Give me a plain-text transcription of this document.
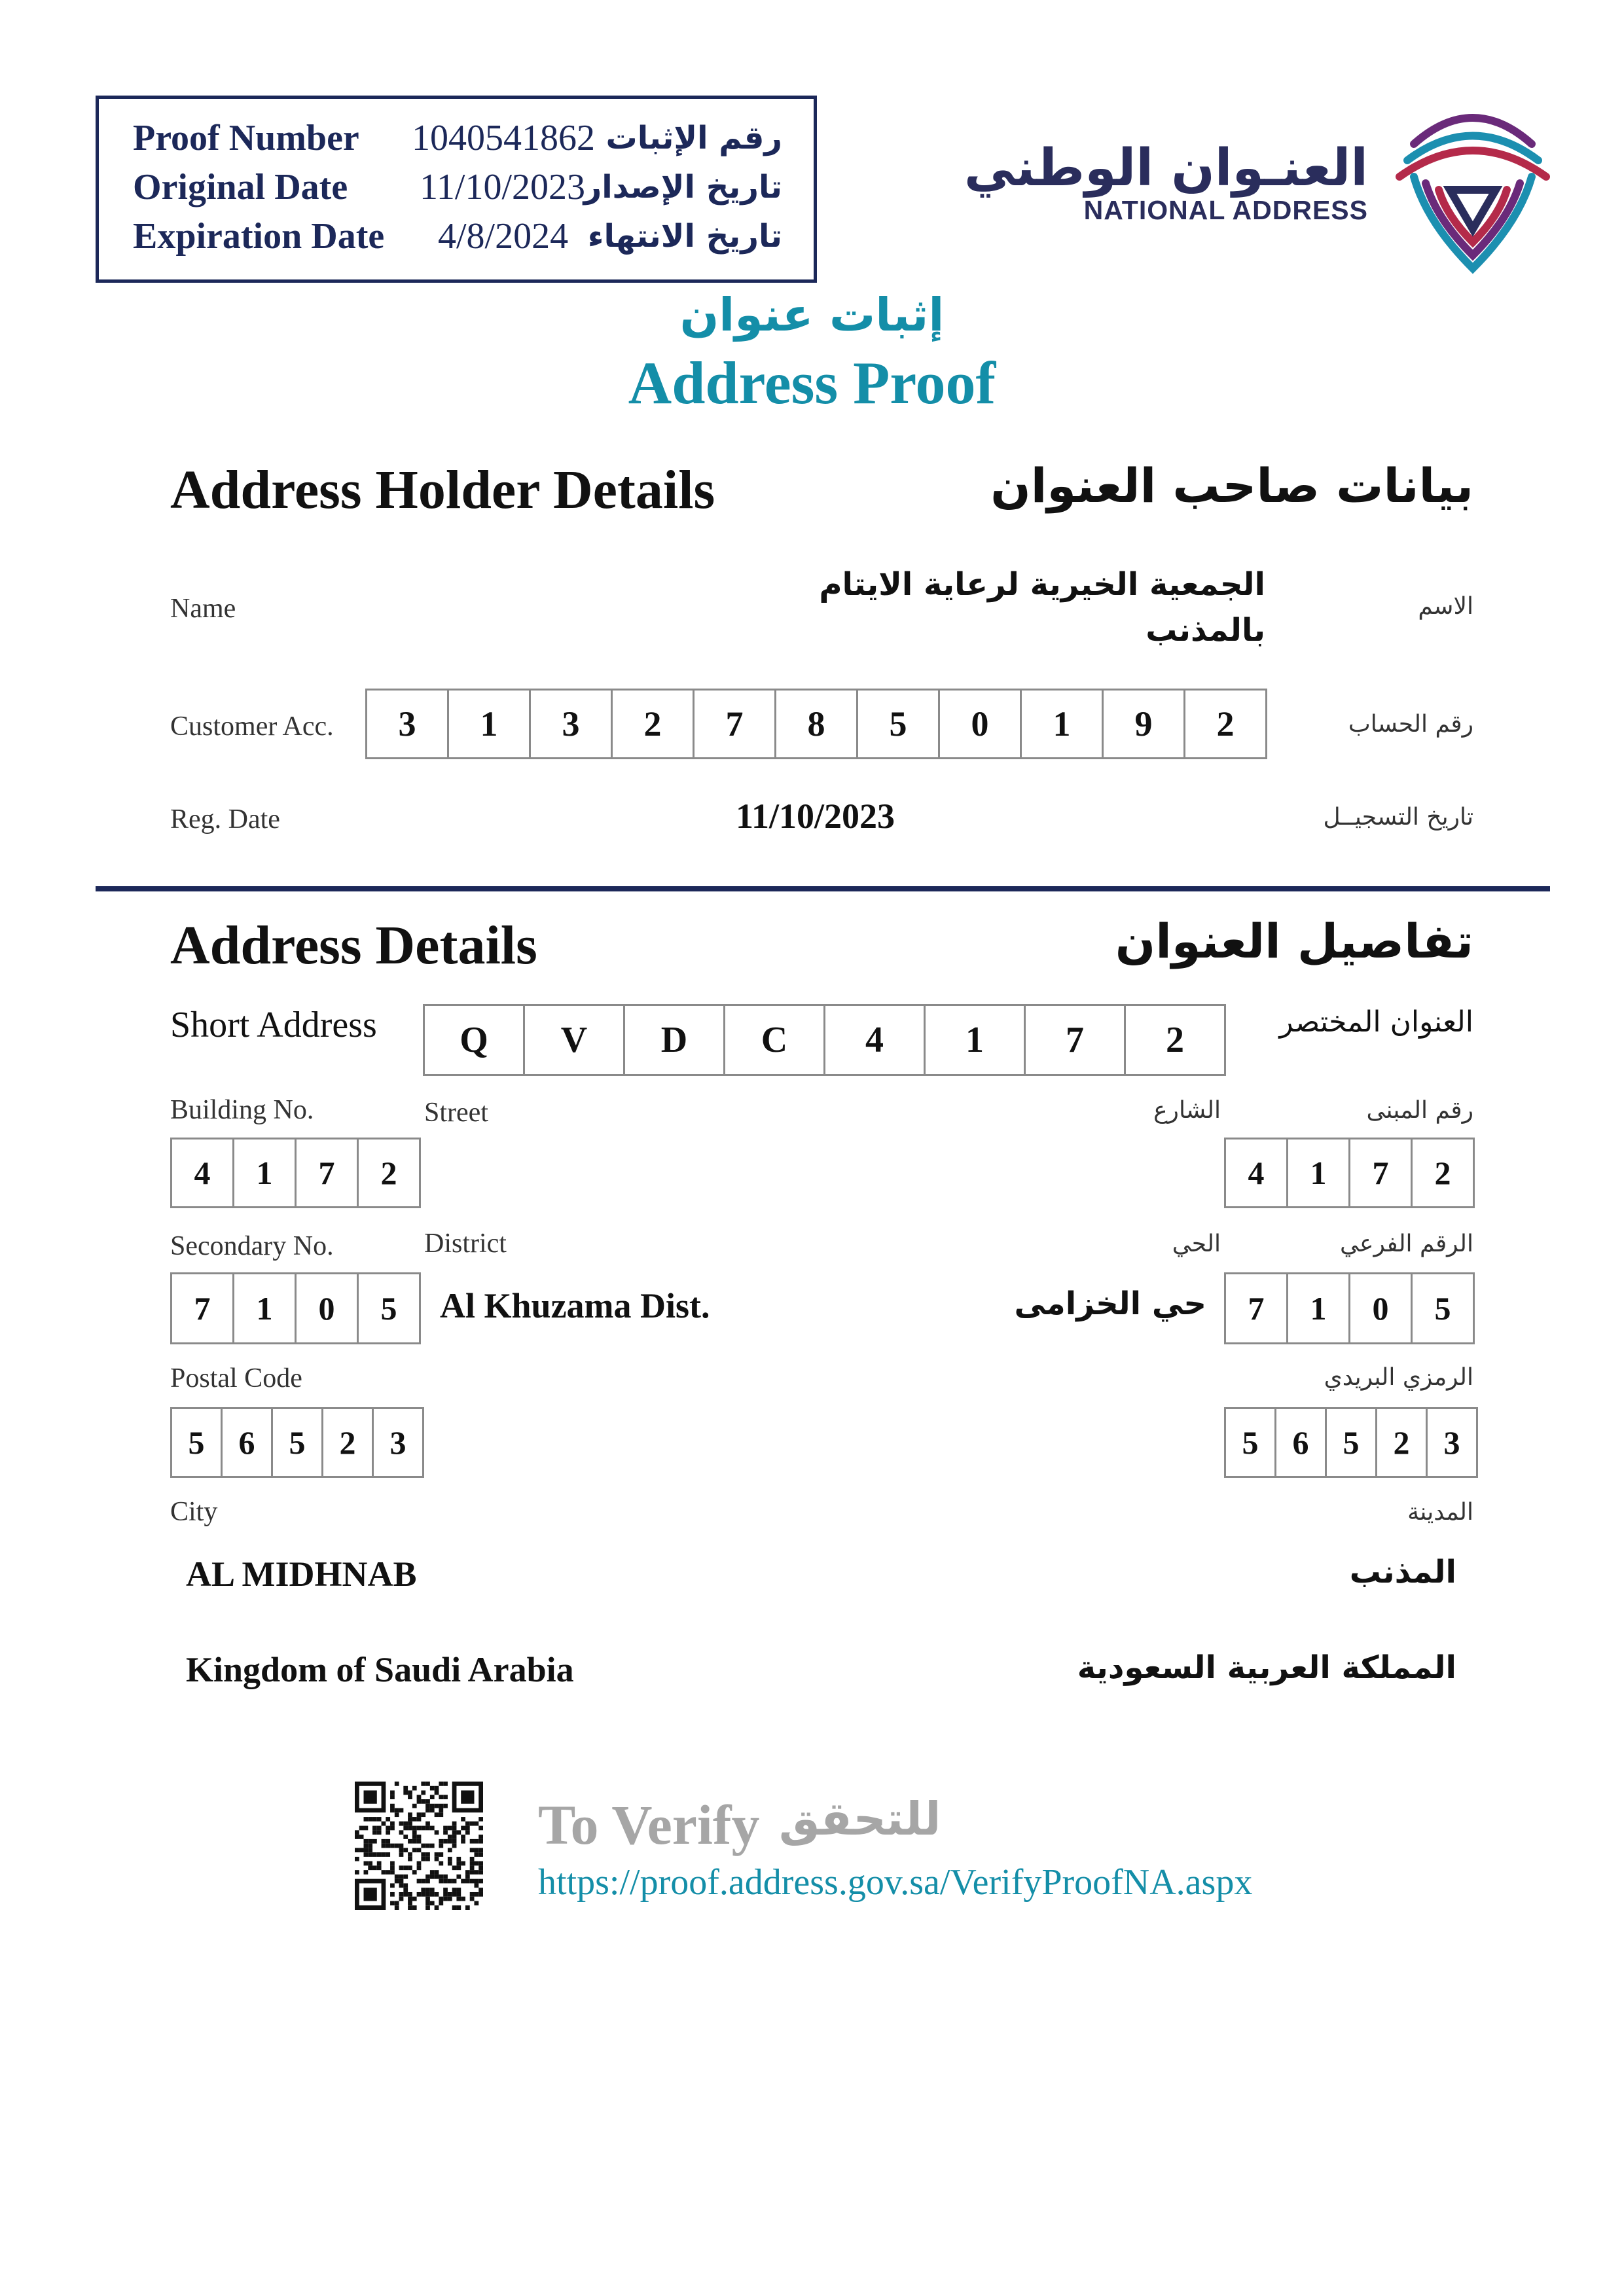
Proof Number 1040541862 رقم الإثبات
Original Date 11/10/2023
تاريخ الإصدار
Expiration Date 4/8/2024 تاريخ الانتهاء
العنـوان الوطني
NATIONAL ADDRESS
إثبات عنوان
Address Proof
Address Holder Details	بيانات صاحب العنوان
Name	الاسم
الجمعية الخيرية لرعاية الايتام
بالمذنب
Customer Acc.	رقم الحساب
3	1	3	2	7	8	5	0	1	9	2
Reg. Date	تاريخ التسجيــل
11/10/2023
Address Details	تفاصيل العنوان
Short Address	العنوان المختصر
Q	V	D	C	4	1	7	2
Building No.	Street	الشارع	رقم المبنى
4	1	7	2	4	1	7	2
Secondary No.	District	الحي	الرقم الفرعي
7	1	0	5	Al Khuzama Dist.	حي الخزامى	7	1	0	5
Postal Code	الرمزي البريدي
5	6	5	2	3	5	6	5	2	3
City	المدينة
AL MIDHNAB	المذنب
Kingdom of Saudi Arabia	المملكة العربية السعودية
To Verify للتحقق
https://proof.address.gov.sa/VerifyProofNA.aspx
